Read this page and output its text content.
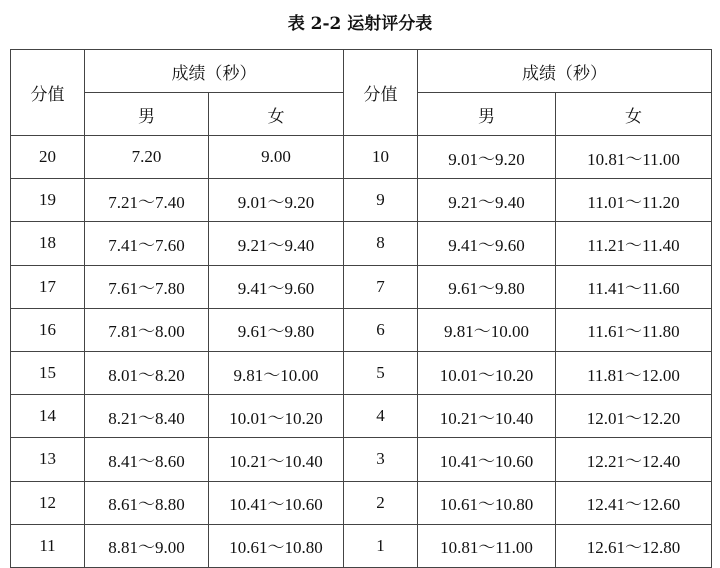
表 2-2 运射评分表
分值	成绩（秒）		分值	成绩（秒）	
	男	女		男	女
20	7.20	9.00	10	9.01～9.20	10.81～11.00
19	7.21～7.40	9.01～9.20	9	9.21～9.40	11.01～11.20
18	7.41～7.60	9.21～9.40	8	9.41～9.60	11.21～11.40
17	7.61～7.80	9.41～9.60	7	9.61～9.80	11.41～11.60
16	7.81～8.00	9.61～9.80	6	9.81～10.00	11.61～11.80
15	8.01～8.20	9.81～10.00	5	10.01～10.20	11.81～12.00
14	8.21～8.40	10.01～10.20	4	10.21～10.40	12.01～12.20
13	8.41～8.60	10.21～10.40	3	10.41～10.60	12.21～12.40
12	8.61～8.80	10.41～10.60	2	10.61～10.80	12.41～12.60
11	8.81～9.00	10.61～10.80	1	10.81～11.00	12.61～12.80
